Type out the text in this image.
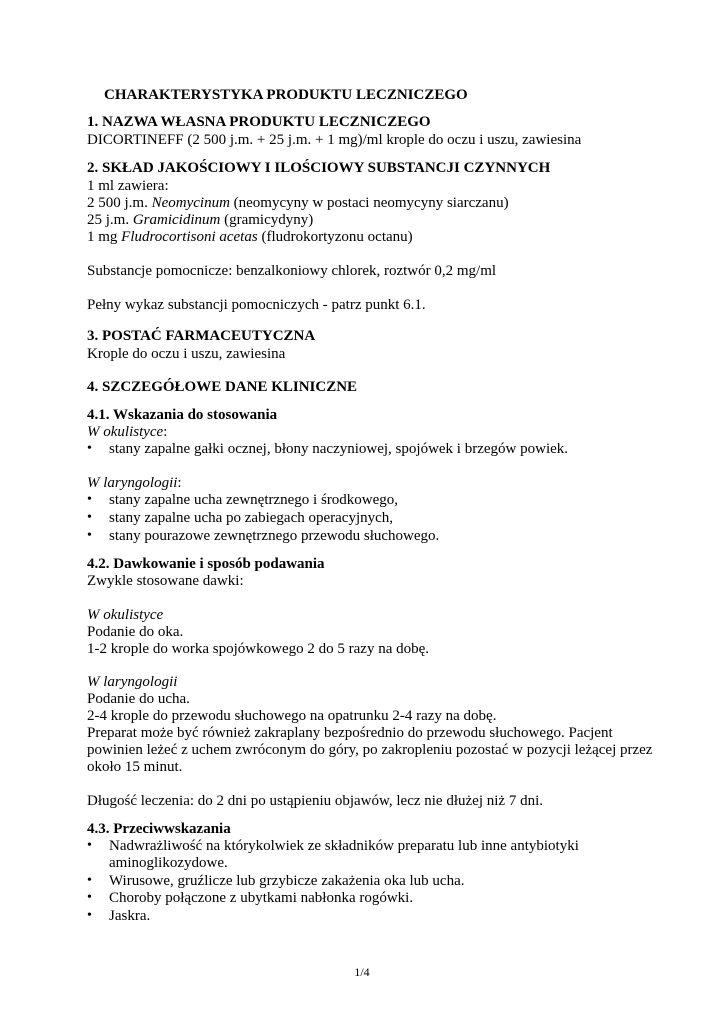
CHARAKTERYSTYKA PRODUKTU LECZNICZEGO
1. NAZWA WŁASNA PRODUKTU LECZNICZEGO
DICORTINEFF (2 500 j.m. + 25 j.m. + 1 mg)/ml krople do oczu i uszu, zawiesina
2. SKŁAD JAKOŚCIOWY I ILOŚCIOWY SUBSTANCJI CZYNNYCH
1 ml zawiera:
2 500 j.m. Neomycinum (neomycyny w postaci neomycyny siarczanu)
25 j.m. Gramicidinum (gramicydyny)
1 mg Fludrocortisoni acetas (fludrokortyzonu octanu)
Substancje pomocnicze: benzalkoniowy chlorek, roztwór 0,2 mg/ml
Pełny wykaz substancji pomocniczych - patrz punkt 6.1.
3. POSTAĆ FARMACEUTYCZNA
Krople do oczu i uszu, zawiesina
4. SZCZEGÓŁOWE DANE KLINICZNE
4.1. Wskazania do stosowania
W okulistyce:
• stany zapalne gałki ocznej, błony naczyniowej, spojówek i brzegów powiek.
W laryngologii:
• stany zapalne ucha zewnętrznego i środkowego,
• stany zapalne ucha po zabiegach operacyjnych,
• stany pourazowe zewnętrznego przewodu słuchowego.
4.2. Dawkowanie i sposób podawania
Zwykle stosowane dawki:
W okulistyce
Podanie do oka.
1-2 krople do worka spojówkowego 2 do 5 razy na dobę.
W laryngologii
Podanie do ucha.
2-4 krople do przewodu słuchowego na opatrunku 2-4 razy na dobę.
Preparat może być również zakraplany bezpośrednio do przewodu słuchowego. Pacjent
powinien leżeć z uchem zwróconym do góry, po zakropleniu pozostać w pozycji leżącej przez
około 15 minut.
Długość leczenia: do 2 dni po ustąpieniu objawów, lecz nie dłużej niż 7 dni.
4.3. Przeciwwskazania
• Nadwrażliwość na którykolwiek ze składników preparatu lub inne antybiotyki
aminoglikozydowe.
• Wirusowe, gruźlicze lub grzybicze zakażenia oka lub ucha.
• Choroby połączone z ubytkami nabłonka rogówki.
• Jaskra.
1/4
